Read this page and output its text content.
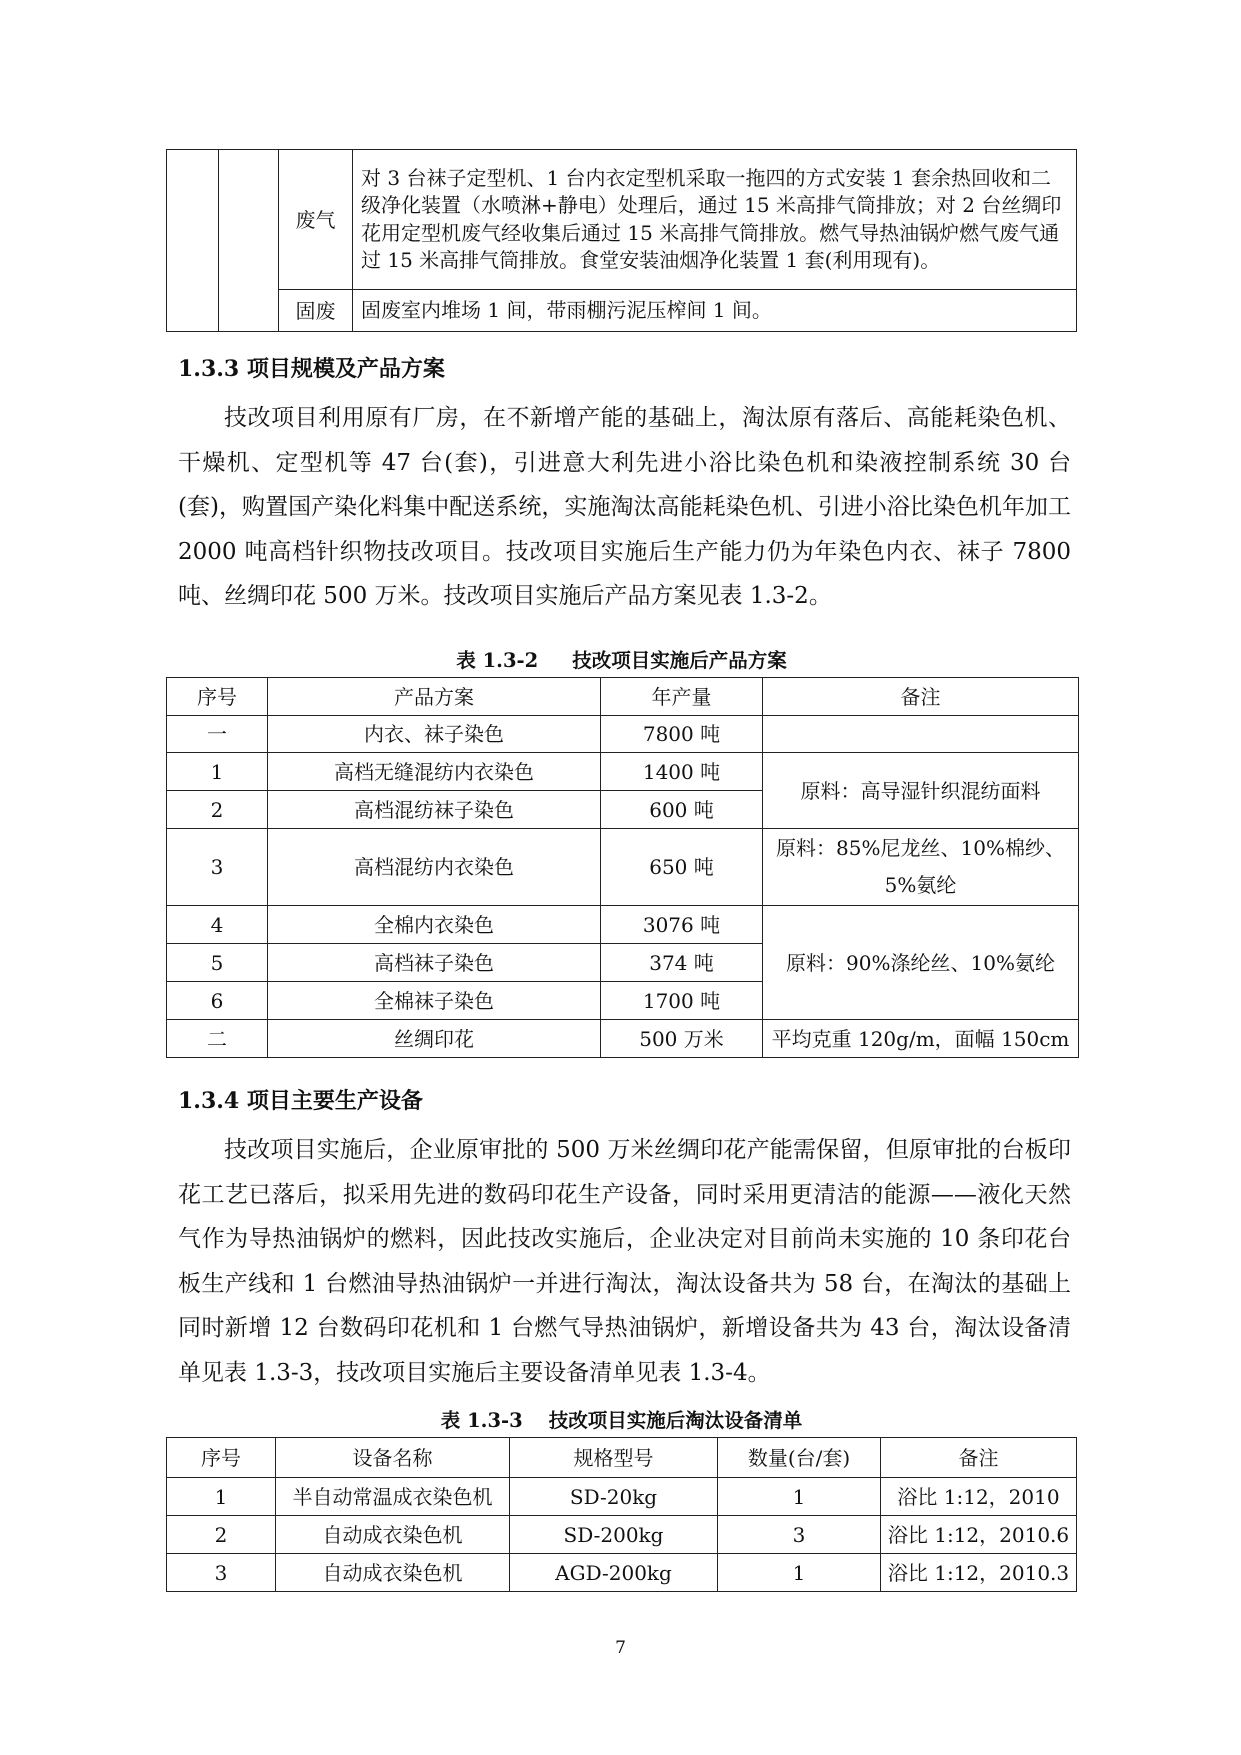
		废气	对 3 台袜子定型机、1 台内衣定型机采取一拖四的方式安装 1 套余热回收和二级净化装置（水喷淋+静电）处理后，通过 15 米高排气筒排放；对 2 台丝绸印花用定型机废气经收集后通过 15 米高排气筒排放。燃气导热油锅炉燃气废气通过 15 米高排气筒排放。食堂安装油烟净化装置 1 套(利用现有)。
		固废	固废室内堆场 1 间，带雨棚污泥压榨间 1 间。
1.3.3 项目规模及产品方案

技改项目利用原有厂房，在不新增产能的基础上，淘汰原有落后、高能耗染色机、干燥机、定型机等 47 台(套)，引进意大利先进小浴比染色机和染液控制系统 30 台(套)，购置国产染化料集中配送系统，实施淘汰高能耗染色机、引进小浴比染色机年加工 2000 吨高档针织物技改项目。技改项目实施后生产能力仍为年染色内衣、袜子 7800 吨、丝绸印花 500 万米。技改项目实施后产品方案见表 1.3-2。

表 1.3-2 技改项目实施后产品方案
序号	产品方案	年产量	备注
一	内衣、袜子染色	7800 吨	
1	高档无缝混纺内衣染色	1400 吨	原料：高导湿针织混纺面料
2	高档混纺袜子染色	600 吨	
3	高档混纺内衣染色	650 吨	原料：85%尼龙丝、10%棉纱、5%氨纶
4	全棉内衣染色	3076 吨	原料：90%涤纶丝、10%氨纶
5	高档袜子染色	374 吨	
6	全棉袜子染色	1700 吨	
二	丝绸印花	500 万米	平均克重 120g/m，面幅 150cm
1.3.4 项目主要生产设备

技改项目实施后，企业原审批的 500 万米丝绸印花产能需保留，但原审批的台板印花工艺已落后，拟采用先进的数码印花生产设备，同时采用更清洁的能源——液化天然气作为导热油锅炉的燃料，因此技改实施后，企业决定对目前尚未实施的 10 条印花台板生产线和 1 台燃油导热油锅炉一并进行淘汰，淘汰设备共为 58 台，在淘汰的基础上同时新增 12 台数码印花机和 1 台燃气导热油锅炉，新增设备共为 43 台，淘汰设备清单见表 1.3-3，技改项目实施后主要设备清单见表 1.3-4。

表 1.3-3 技改项目实施后淘汰设备清单
序号	设备名称	规格型号	数量(台/套)	备注
1	半自动常温成衣染色机	SD-20kg	1	浴比 1:12，2010
2	自动成衣染色机	SD-200kg	3	浴比 1:12，2010.6
3	自动成衣染色机	AGD-200kg	1	浴比 1:12，2010.3
7
